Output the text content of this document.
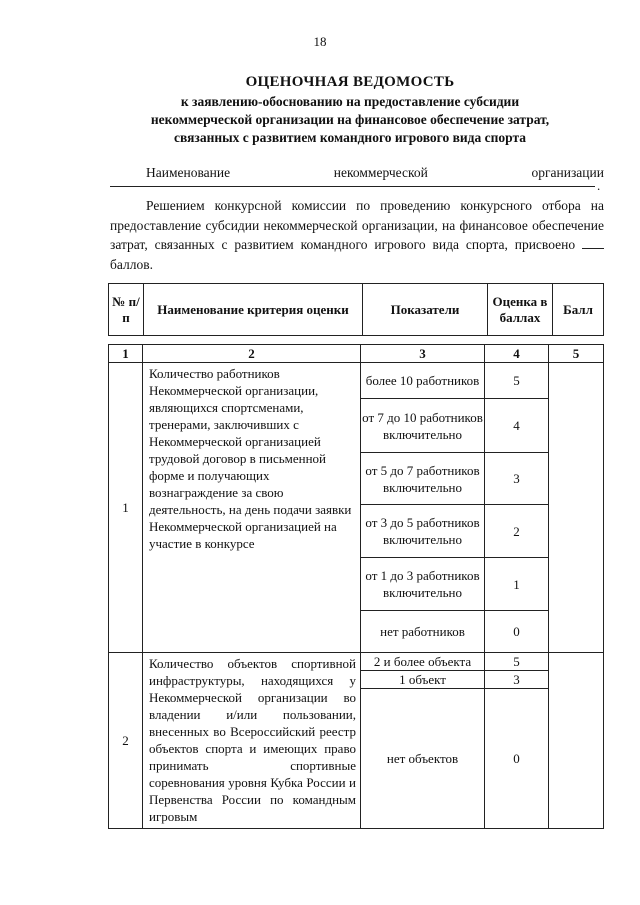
18
ОЦЕНОЧНАЯ ВЕДОМОСТЬ
к заявлению-обоснованию на предоставление субсидии
некоммерческой организации на финансовое обеспечение затрат,
связанных с развитием командного игрового вида спорта
Наименование	некоммерческой	организации
.
Решением конкурсной комиссии по проведению конкурсного отбора на предоставление субсидии некоммерческой организации, на финансовое обеспечение затрат, связанных с развитием командного игрового вида спорта, присвоено  баллов.
№ п/п	Наименование критерия оценки	Показатели	Оценка в баллах	Балл
1	2	3	4	5
1	Количество работников Некоммерческой организации, являющихся спортсменами, тренерами, заключивших с Некоммерческой организацией трудовой договор в письменной форме и получающих вознаграждение за свою деятельность, на день подачи заявки Некоммерческой организацией на участие в конкурсе	более 10 работников	5	
		от 7 до 10 работников включительно	4	
		от 5 до 7 работников включительно	3	
		от 3 до 5 работников включительно	2	
		от 1 до 3 работников включительно	1	
		нет работников	0	
2	Количество объектов спортивной инфраструктуры, находящихся у Некоммерческой организации во владении и/или пользовании, внесенных во Всероссийский реестр объектов спорта и имеющих право принимать спортивные соревнования уровня Кубка России и Первенства России по командным игровым	2 и более объекта	5	
		1 объект	3	
		нет объектов	0	
